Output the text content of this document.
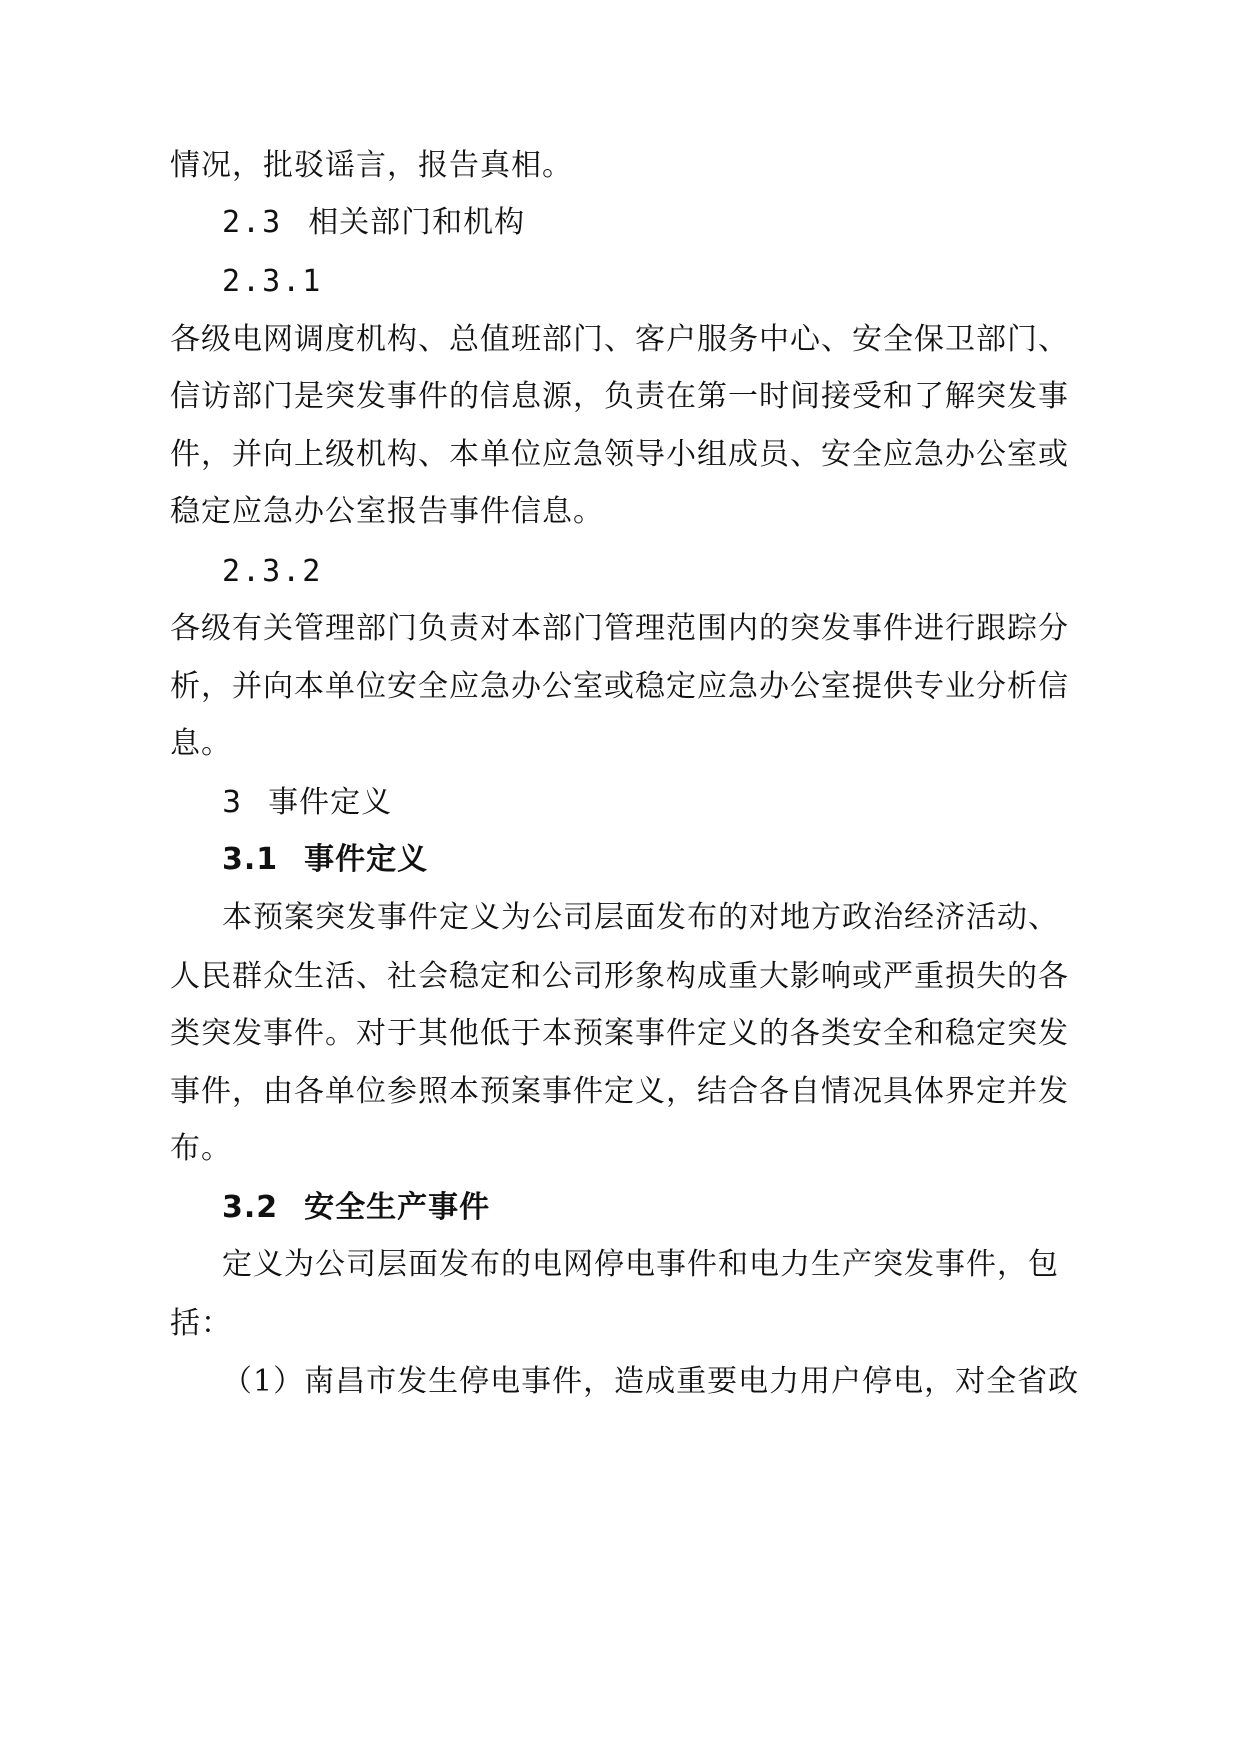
情况，批驳谣言，报告真相。
2.3 相关部门和机构
2.3.1
各级电网调度机构、总值班部门、客户服务中心、安全保卫部门、
信访部门是突发事件的信息源，负责在第一时间接受和了解突发事
件，并向上级机构、本单位应急领导小组成员、安全应急办公室或
稳定应急办公室报告事件信息。
2.3.2
各级有关管理部门负责对本部门管理范围内的突发事件进行跟踪分
析，并向本单位安全应急办公室或稳定应急办公室提供专业分析信
息。
3 事件定义
3.1 事件定义
本预案突发事件定义为公司层面发布的对地方政治经济活动、
人民群众生活、社会稳定和公司形象构成重大影响或严重损失的各
类突发事件。对于其他低于本预案事件定义的各类安全和稳定突发
事件，由各单位参照本预案事件定义，结合各自情况具体界定并发
布。
3.2 安全生产事件
定义为公司层面发布的电网停电事件和电力生产突发事件，包
括：
（1）南昌市发生停电事件，造成重要电力用户停电，对全省政
